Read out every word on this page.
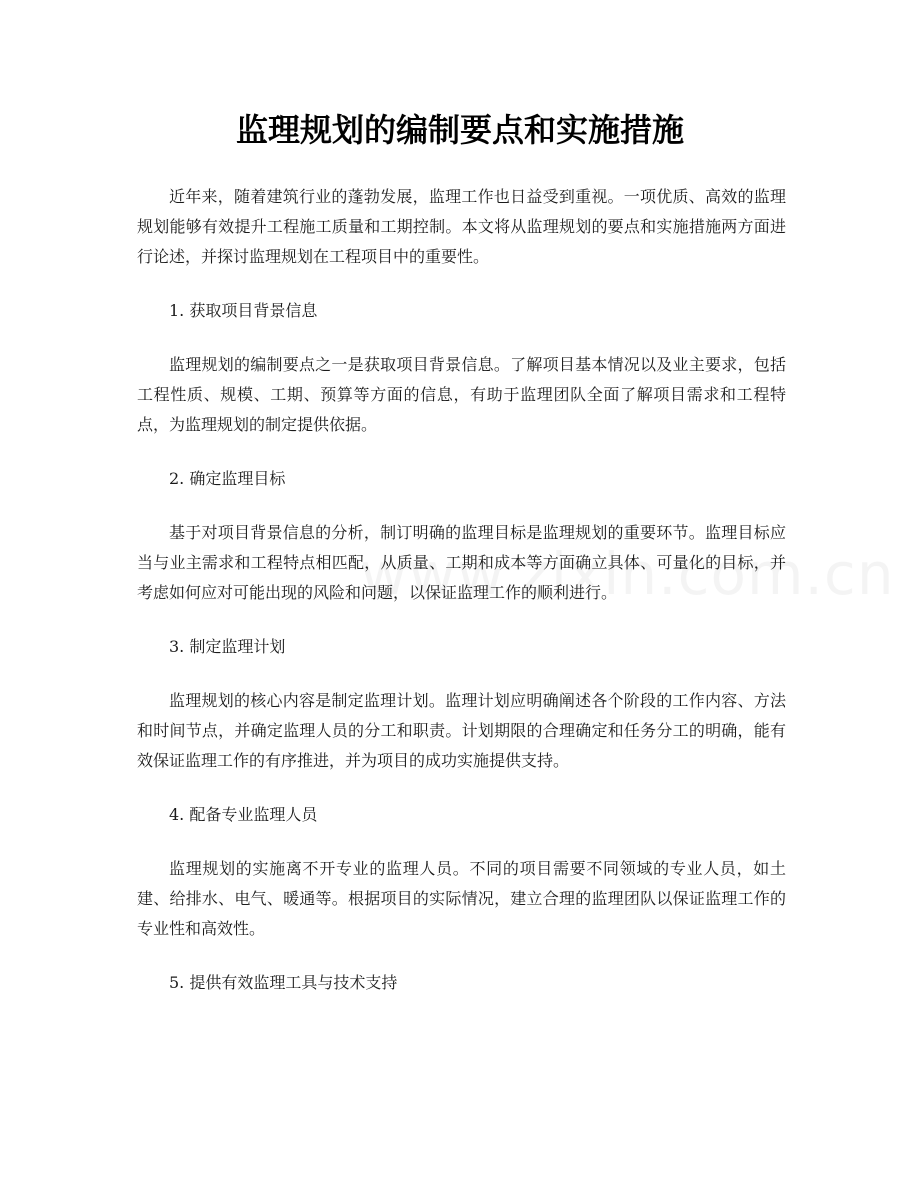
监理规划的编制要点和实施措施

近年来，随着建筑行业的蓬勃发展，监理工作也日益受到重视。一项优质、高效的监理规划能够有效提升工程施工质量和工期控制。本文将从监理规划的要点和实施措施两方面进行论述，并探讨监理规划在工程项目中的重要性。

1. 获取项目背景信息

监理规划的编制要点之一是获取项目背景信息。了解项目基本情况以及业主要求，包括工程性质、规模、工期、预算等方面的信息，有助于监理团队全面了解项目需求和工程特点，为监理规划的制定提供依据。

2. 确定监理目标

基于对项目背景信息的分析，制订明确的监理目标是监理规划的重要环节。监理目标应当与业主需求和工程特点相匹配，从质量、工期和成本等方面确立具体、可量化的目标，并考虑如何应对可能出现的风险和问题，以保证监理工作的顺利进行。

3. 制定监理计划

监理规划的核心内容是制定监理计划。监理计划应明确阐述各个阶段的工作内容、方法和时间节点，并确定监理人员的分工和职责。计划期限的合理确定和任务分工的明确，能有效保证监理工作的有序推进，并为项目的成功实施提供支持。

4. 配备专业监理人员

监理规划的实施离不开专业的监理人员。不同的项目需要不同领域的专业人员，如土建、给排水、电气、暖通等。根据项目的实际情况，建立合理的监理团队以保证监理工作的专业性和高效性。

5. 提供有效监理工具与技术支持
